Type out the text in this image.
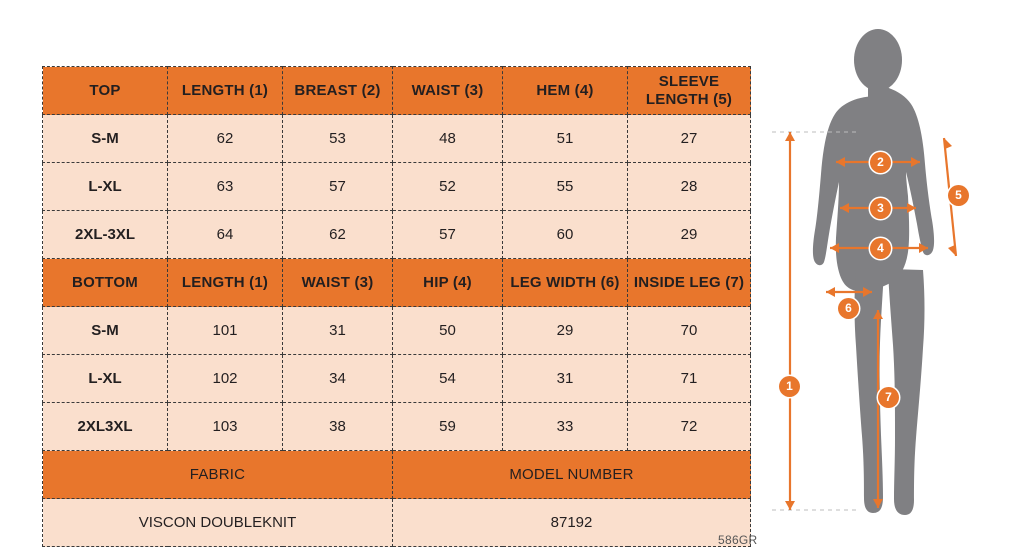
TOP	LENGTH (1)	BREAST (2)	WAIST (3)	HEM (4)	SLEEVE LENGTH (5)

S-M	62	53	48	51	27
L-XL	63	57	52	55	28
2XL-3XL	64	62	57	60	29

BOTTOM	LENGTH (1)	WAIST (3)	HIP (4)	LEG WIDTH (6)	INSIDE LEG (7)

S-M	101	31	50	29	70
L-XL	102	34	54	31	71
2XL3XL	103	38	59	33	72
FABRIC			MODEL NUMBER		
VISCON DOUBLEKNIT			87192		
1
2
3
4
5
6
7
586GR
